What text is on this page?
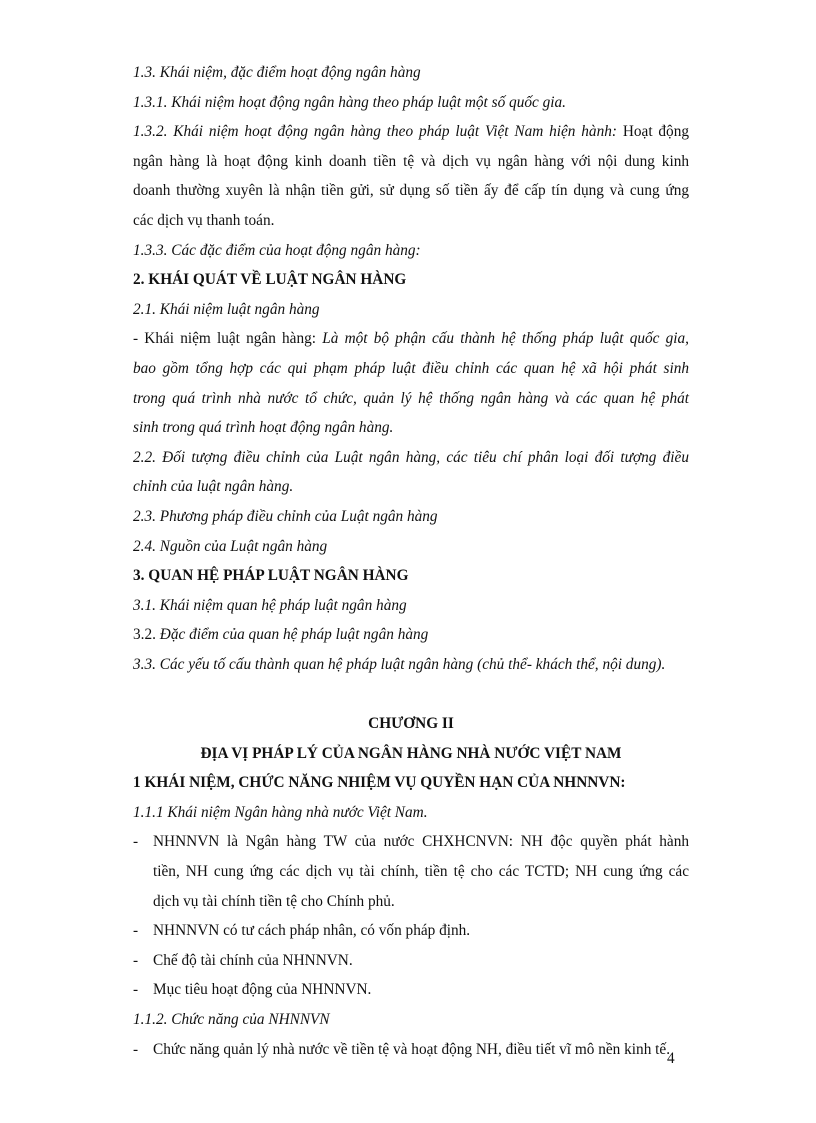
1.3. Khái niệm, đặc điểm hoạt động ngân hàng
1.3.1. Khái niệm hoạt động ngân hàng theo pháp luật một số quốc gia.
1.3.2. Khái niệm hoạt động ngân hàng theo pháp luật Việt Nam hiện hành: Hoạt động
ngân hàng là hoạt động kinh doanh tiền tệ và dịch vụ ngân hàng với nội dung kinh
doanh thường xuyên là nhận tiền gửi, sử dụng số tiền ấy để cấp tín dụng và cung ứng
các dịch vụ thanh toán.
1.3.3. Các đặc điểm của hoạt động ngân hàng:
2. KHÁI QUÁT VỀ LUẬT NGÂN HÀNG
2.1. Khái niệm luật ngân hàng
- Khái niệm luật ngân hàng: Là một bộ phận cấu thành hệ thống pháp luật quốc gia,
bao gồm tổng hợp các qui phạm pháp luật điều chỉnh các quan hệ xã hội phát sinh
trong quá trình nhà nước tổ chức, quản lý hệ thống ngân hàng và các quan hệ phát
sinh trong quá trình hoạt động ngân hàng.
2.2. Đối tượng điều chỉnh của Luật ngân hàng, các tiêu chí phân loại đối tượng điều
chỉnh của luật ngân hàng.
2.3. Phương pháp điều chỉnh của Luật ngân hàng
2.4. Nguồn của Luật ngân hàng
3. QUAN HỆ PHÁP LUẬT NGÂN HÀNG
3.1. Khái niệm quan hệ pháp luật ngân hàng
3.2. Đặc điểm của quan hệ pháp luật ngân hàng
3.3. Các yếu tố cấu thành quan hệ pháp luật ngân hàng (chủ thể- khách thể, nội dung).
CHƯƠNG II
ĐỊA VỊ PHÁP LÝ CỦA NGÂN HÀNG NHÀ NƯỚC VIỆT NAM
1 KHÁI NIỆM, CHỨC NĂNG NHIỆM VỤ QUYỀN HẠN CỦA NHNNVN:
1.1.1 Khái niệm Ngân hàng nhà nước Việt Nam.
- NHNNVN là Ngân hàng TW của nước CHXHCNVN: NH độc quyền phát hành
tiền, NH cung ứng các dịch vụ tài chính, tiền tệ cho các TCTD; NH cung ứng các
dịch vụ tài chính tiền tệ cho Chính phủ.
- NHNNVN có tư cách pháp nhân, có vốn pháp định.
- Chế độ tài chính của NHNNVN.
- Mục tiêu hoạt động của NHNNVN.
1.1.2. Chức năng của NHNNVN
- Chức năng quản lý nhà nước về tiền tệ và hoạt động NH, điều tiết vĩ mô nền kinh tế.
4
